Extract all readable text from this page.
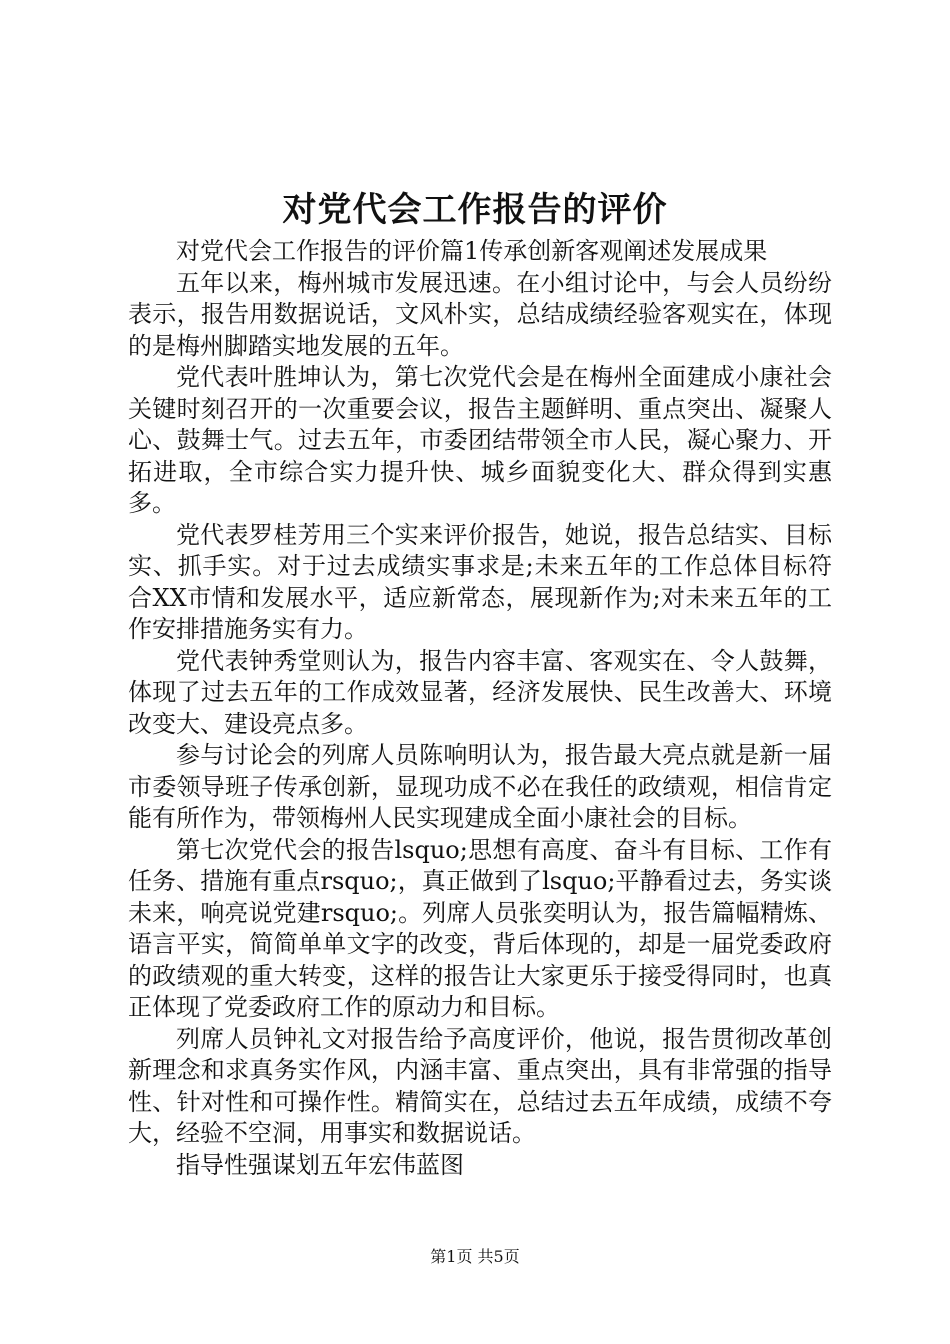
对党代会工作报告的评价

对党代会工作报告的评价篇1传承创新客观阐述发展成果

五年以来，梅州城市发展迅速。在小组讨论中，与会人员纷纷表示，报告用数据说话，文风朴实，总结成绩经验客观实在，体现的是梅州脚踏实地发展的五年。

党代表叶胜坤认为，第七次党代会是在梅州全面建成小康社会关键时刻召开的一次重要会议，报告主题鲜明、重点突出、凝聚人心、鼓舞士气。过去五年，市委团结带领全市人民，凝心聚力、开拓进取，全市综合实力提升快、城乡面貌变化大、群众得到实惠多。

党代表罗桂芳用三个实来评价报告，她说，报告总结实、目标实、抓手实。对于过去成绩实事求是;未来五年的工作总体目标符合XX市情和发展水平，适应新常态，展现新作为;对未来五年的工作安排措施务实有力。

党代表钟秀堂则认为，报告内容丰富、客观实在、令人鼓舞，体现了过去五年的工作成效显著，经济发展快、民生改善大、环境改变大、建设亮点多。

参与讨论会的列席人员陈响明认为，报告最大亮点就是新一届市委领导班子传承创新，显现功成不必在我任的政绩观，相信肯定能有所作为，带领梅州人民实现建成全面小康社会的目标。

第七次党代会的报告lsquo;思想有高度、奋斗有目标、工作有任务、措施有重点rsquo;，真正做到了lsquo;平静看过去，务实谈未来，响亮说党建rsquo;。列席人员张奕明认为，报告篇幅精炼、语言平实，简简单单文字的改变，背后体现的，却是一届党委政府的政绩观的重大转变，这样的报告让大家更乐于接受得同时，也真正体现了党委政府工作的原动力和目标。

列席人员钟礼文对报告给予高度评价，他说，报告贯彻改革创新理念和求真务实作风，内涵丰富、重点突出，具有非常强的指导性、针对性和可操作性。精简实在，总结过去五年成绩，成绩不夸大，经验不空洞，用事实和数据说话。

指导性强谋划五年宏伟蓝图

第1页 共5页
